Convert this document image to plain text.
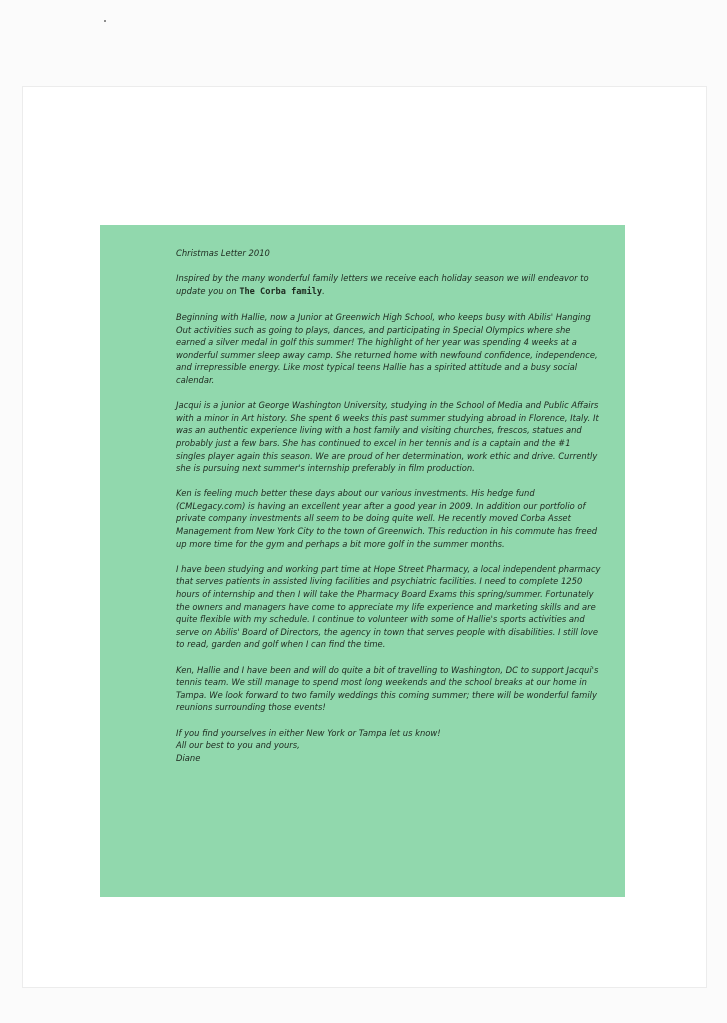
Christmas Letter 2010

Inspired by the many wonderful family letters we receive each holiday season we will endeavor to update you on The Corba family.

Beginning with Hallie, now a Junior at Greenwich High School, who keeps busy with Abilis' Hanging Out activities such as going to plays, dances, and participating in Special Olympics where she earned a silver medal in golf this summer! The highlight of her year was spending 4 weeks at a wonderful summer sleep away camp. She returned home with newfound confidence, independence, and irrepressible energy. Like most typical teens Hallie has a spirited attitude and a busy social calendar.

Jacqui is a junior at George Washington University, studying in the School of Media and Public Affairs with a minor in Art history. She spent 6 weeks this past summer studying abroad in Florence, Italy. It was an authentic experience living with a host family and visiting churches, frescos, statues and probably just a few bars. She has continued to excel in her tennis and is a captain and the #1 singles player again this season. We are proud of her determination, work ethic and drive. Currently she is pursuing next summer's internship preferably in film production.

Ken is feeling much better these days about our various investments. His hedge fund (CMLegacy.com) is having an excellent year after a good year in 2009. In addition our portfolio of private company investments all seem to be doing quite well. He recently moved Corba Asset Management from New York City to the town of Greenwich. This reduction in his commute has freed up more time for the gym and perhaps a bit more golf in the summer months.

I have been studying and working part time at Hope Street Pharmacy, a local independent pharmacy that serves patients in assisted living facilities and psychiatric facilities. I need to complete 1250 hours of internship and then I will take the Pharmacy Board Exams this spring/summer. Fortunately the owners and managers have come to appreciate my life experience and marketing skills and are quite flexible with my schedule. I continue to volunteer with some of Hallie's sports activities and serve on Abilis' Board of Directors, the agency in town that serves people with disabilities. I still love to read, garden and golf when I can find the time.

Ken, Hallie and I have been and will do quite a bit of travelling to Washington, DC to support Jacqui's tennis team. We still manage to spend most long weekends and the school breaks at our home in Tampa. We look forward to two family weddings this coming summer; there will be wonderful family reunions surrounding those events!

If you find yourselves in either New York or Tampa let us know!
All our best to you and yours,
Diane
